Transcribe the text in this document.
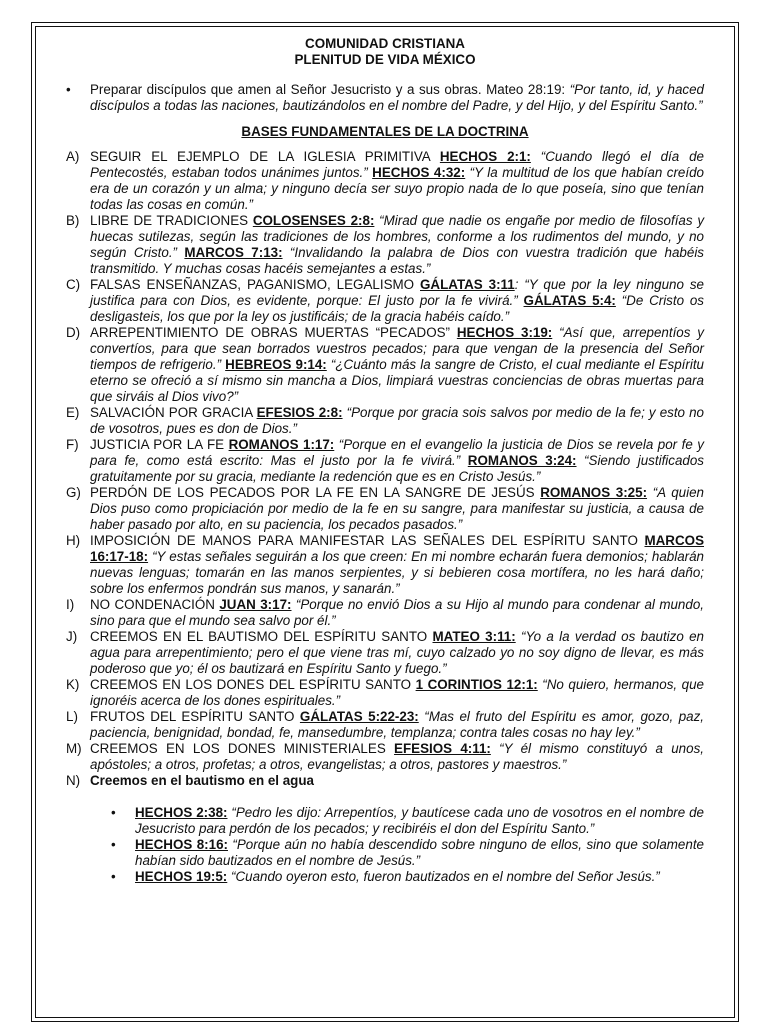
COMUNIDAD CRISTIANA
PLENITUD DE VIDA MÉXICO
•	Preparar discípulos que amen al Señor Jesucristo y a sus obras. Mateo 28:19: “Por tanto, id, y haced discípulos a todas las naciones, bautizándolos en el nombre del Padre, y del Hijo, y del Espíritu Santo.”
BASES FUNDAMENTALES DE LA DOCTRINA
A) SEGUIR EL EJEMPLO DE LA IGLESIA PRIMITIVA HECHOS 2:1: “Cuando llegó el día de Pentecostés, estaban todos unánimes juntos.” HECHOS 4:32: “Y la multitud de los que habían creído era de un corazón y un alma; y ninguno decía ser suyo propio nada de lo que poseía, sino que tenían todas las cosas en común.”
B) LIBRE DE TRADICIONES COLOSENSES 2:8: “Mirad que nadie os engañe por medio de filosofías y huecas sutilezas, según las tradiciones de los hombres, conforme a los rudimentos del mundo, y no según Cristo.” MARCOS 7:13: “Invalidando la palabra de Dios con vuestra tradición que habéis transmitido. Y muchas cosas hacéis semejantes a estas.”
C) FALSAS ENSEÑANZAS, PAGANISMO, LEGALISMO GÁLATAS 3:11: “Y que por la ley ninguno se justifica para con Dios, es evidente, porque: El justo por la fe vivirá.” GÁLATAS 5:4: “De Cristo os desligasteis, los que por la ley os justificáis; de la gracia habéis caído.”
D) ARREPENTIMIENTO DE OBRAS MUERTAS “PECADOS” HECHOS 3:19: “Así que, arrepentíos y convertíos, para que sean borrados vuestros pecados; para que vengan de la presencia del Señor tiempos de refrigerio.” HEBREOS 9:14: “¿Cuánto más la sangre de Cristo, el cual mediante el Espíritu eterno se ofreció a sí mismo sin mancha a Dios, limpiará vuestras conciencias de obras muertas para que sirváis al Dios vivo?”
E) SALVACIÓN POR GRACIA EFESIOS 2:8: “Porque por gracia sois salvos por medio de la fe; y esto no de vosotros, pues es don de Dios.”
F) JUSTICIA POR LA FE ROMANOS 1:17: “Porque en el evangelio la justicia de Dios se revela por fe y para fe, como está escrito: Mas el justo por la fe vivirá.” ROMANOS 3:24: “Siendo justificados gratuitamente por su gracia, mediante la redención que es en Cristo Jesús.”
G) PERDÓN DE LOS PECADOS POR LA FE EN LA SANGRE DE JESÚS ROMANOS 3:25: “A quien Dios puso como propiciación por medio de la fe en su sangre, para manifestar su justicia, a causa de haber pasado por alto, en su paciencia, los pecados pasados.”
H) IMPOSICIÓN DE MANOS PARA MANIFESTAR LAS SEÑALES DEL ESPÍRITU SANTO MARCOS 16:17-18: “Y estas señales seguirán a los que creen: En mi nombre echarán fuera demonios; hablarán nuevas lenguas; tomarán en las manos serpientes, y si bebieren cosa mortífera, no les hará daño; sobre los enfermos pondrán sus manos, y sanarán.”
I)	NO CONDENACIÓN JUAN 3:17: “Porque no envió Dios a su Hijo al mundo para condenar al mundo, sino para que el mundo sea salvo por él.”
J) CREEMOS EN EL BAUTISMO DEL ESPÍRITU SANTO MATEO 3:11: “Yo a la verdad os bautizo en agua para arrepentimiento; pero el que viene tras mí, cuyo calzado yo no soy digno de llevar, es más poderoso que yo; él os bautizará en Espíritu Santo y fuego.”
K) CREEMOS EN LOS DONES DEL ESPÍRITU SANTO 1 CORINTIOS 12:1: “No quiero, hermanos, que ignoréis acerca de los dones espirituales.”
L) FRUTOS DEL ESPÍRITU SANTO GÁLATAS 5:22-23: “Mas el fruto del Espíritu es amor, gozo, paz, paciencia, benignidad, bondad, fe, mansedumbre, templanza; contra tales cosas no hay ley.”
M) CREEMOS EN LOS DONES MINISTERIALES EFESIOS 4:11: “Y él mismo constituyó a unos, apóstoles; a otros, profetas; a otros, evangelistas; a otros, pastores y maestros.”
N) Creemos en el bautismo en el agua
•	HECHOS 2:38: “Pedro les dijo: Arrepentíos, y bautícese cada uno de vosotros en el nombre de Jesucristo para perdón de los pecados; y recibiréis el don del Espíritu Santo.”
•	HECHOS 8:16: “Porque aún no había descendido sobre ninguno de ellos, sino que solamente habían sido bautizados en el nombre de Jesús.”
•	HECHOS 19:5: “Cuando oyeron esto, fueron bautizados en el nombre del Señor Jesús.”
